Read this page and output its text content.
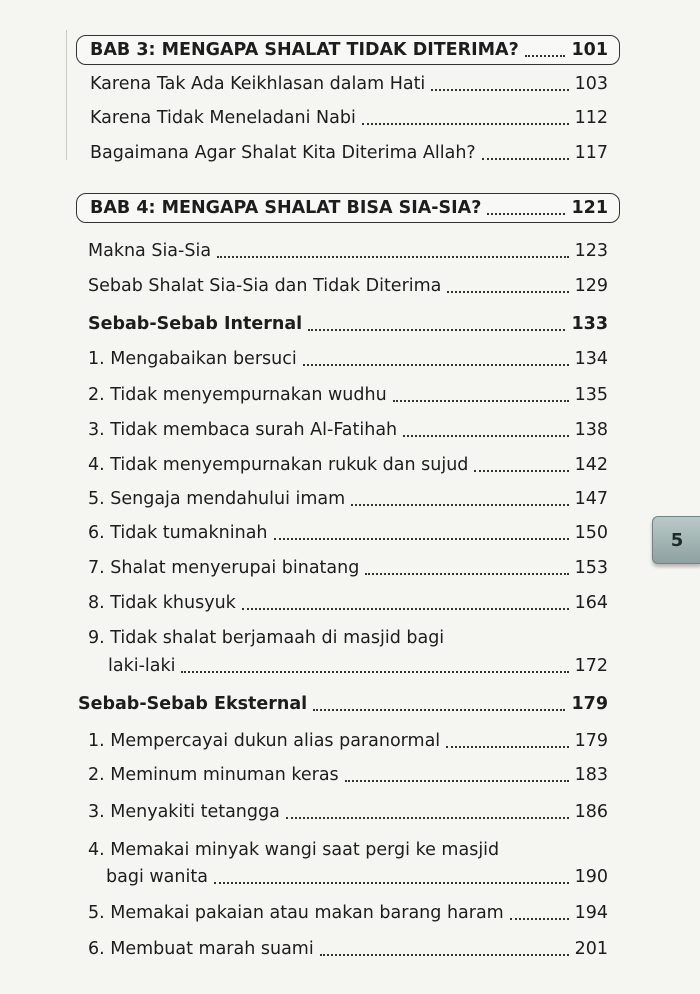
BAB 3: MENGAPA SHALAT TIDAK DITERIMA?	101
Karena Tak Ada Keikhlasan dalam Hati	103
Karena Tidak Meneladani Nabi	112
Bagaimana Agar Shalat Kita Diterima Allah?	117
BAB 4: MENGAPA SHALAT BISA SIA-SIA?	121
Makna Sia-Sia	123
Sebab Shalat Sia-Sia dan Tidak Diterima	129
Sebab-Sebab Internal	133
1. Mengabaikan bersuci	134
2. Tidak menyempurnakan wudhu	135
3. Tidak membaca surah Al-Fatihah	138
4. Tidak menyempurnakan rukuk dan sujud	142
5. Sengaja mendahului imam	147
6. Tidak tumakninah	150
7. Shalat menyerupai binatang	153
8. Tidak khusyuk	164
9. Tidak shalat berjamaah di masjid bagi
laki-laki	172
Sebab-Sebab Eksternal	179
1. Mempercayai dukun alias paranormal	179
2. Meminum minuman keras	183
3. Menyakiti tetangga	186
4. Memakai minyak wangi saat pergi ke masjid
bagi wanita	190
5. Memakai pakaian atau makan barang haram	194
6. Membuat marah suami	201
5
